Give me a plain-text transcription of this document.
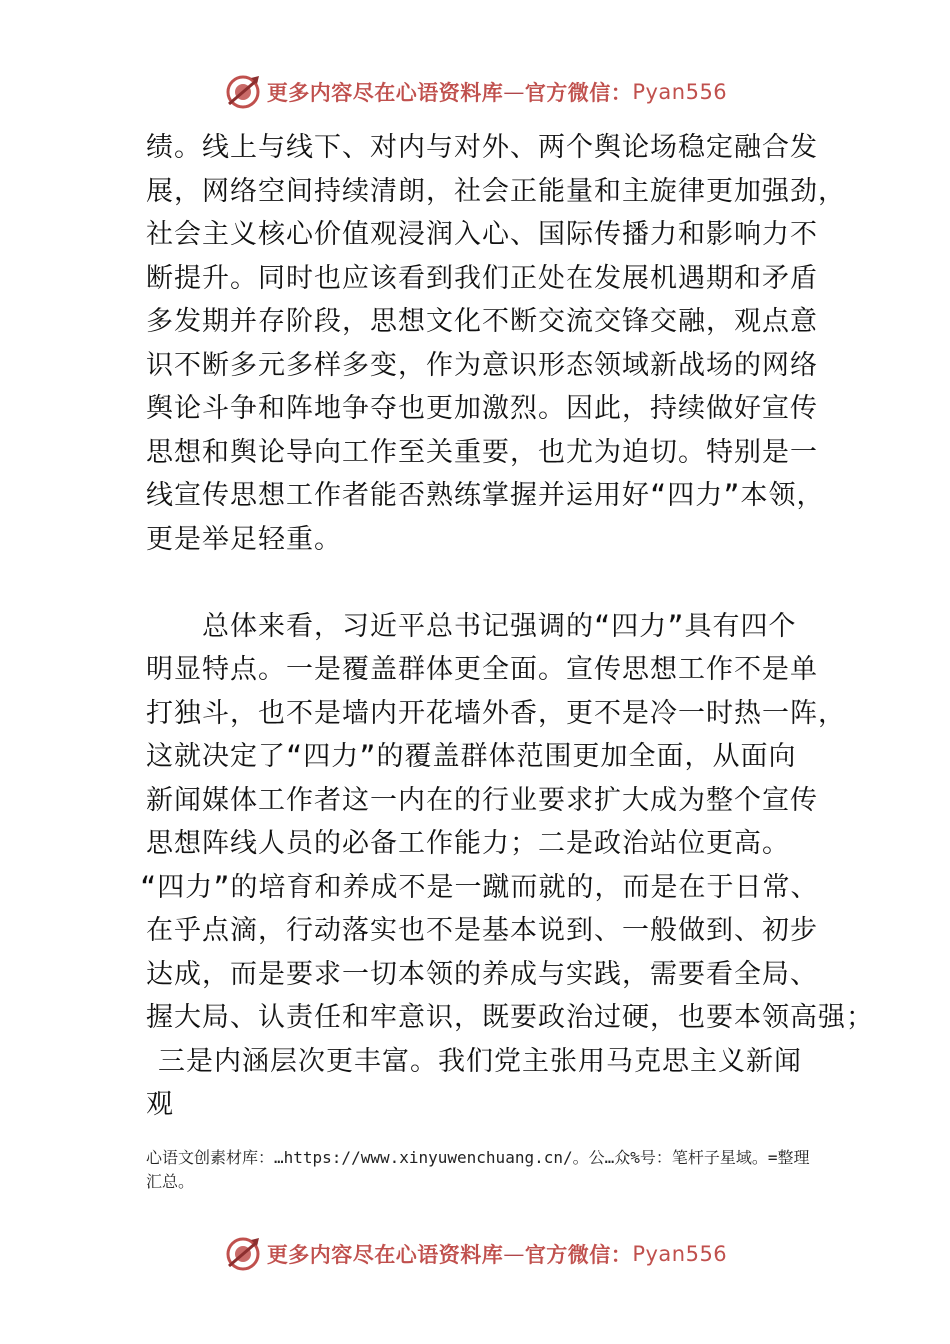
更多内容尽在心语资料库 — 官方微信： Pyan556
绩。线上与线下、对内与对外、两个舆论场稳定融合发
展，网络空间持续清朗，社会正能量和主旋律更加强劲，
社会主义核心价值观浸润入心、国际传播力和影响力不
断提升。同时也应该看到我们正处在发展机遇期和矛盾
多发期并存阶段，思想文化不断交流交锋交融，观点意
识不断多元多样多变，作为意识形态领域新战场的网络
舆论斗争和阵地争夺也更加激烈。因此，持续做好宣传
思想和舆论导向工作至关重要，也尤为迫切。特别是一
线宣传思想工作者能否熟练掌握并运用好“四力”本领，
更是举足轻重。
总体来看，习近平总书记强调的“四力”具有四个
明显特点。一是覆盖群体更全面。宣传思想工作不是单
打独斗，也不是墙内开花墙外香，更不是冷一时热一阵，
这就决定了“四力”的覆盖群体范围更加全面，从面向
新闻媒体工作者这一内在的行业要求扩大成为整个宣传
思想阵线人员的必备工作能力；二是政治站位更高。
“四力”的培育和养成不是一蹴而就的，而是在于日常、
在乎点滴，行动落实也不是基本说到、一般做到、初步
达成，而是要求一切本领的养成与实践，需要看全局、
握大局、认责任和牢意识，既要政治过硬，也要本领高强；
三是内涵层次更丰富。我们党主张用马克思主义新闻
观
心语文创素材库：…https://www.xinyuwenchuang.cn/。公…众%号：笔杆子星域。=整理
汇总。
更多内容尽在心语资料库 — 官方微信： Pyan556
